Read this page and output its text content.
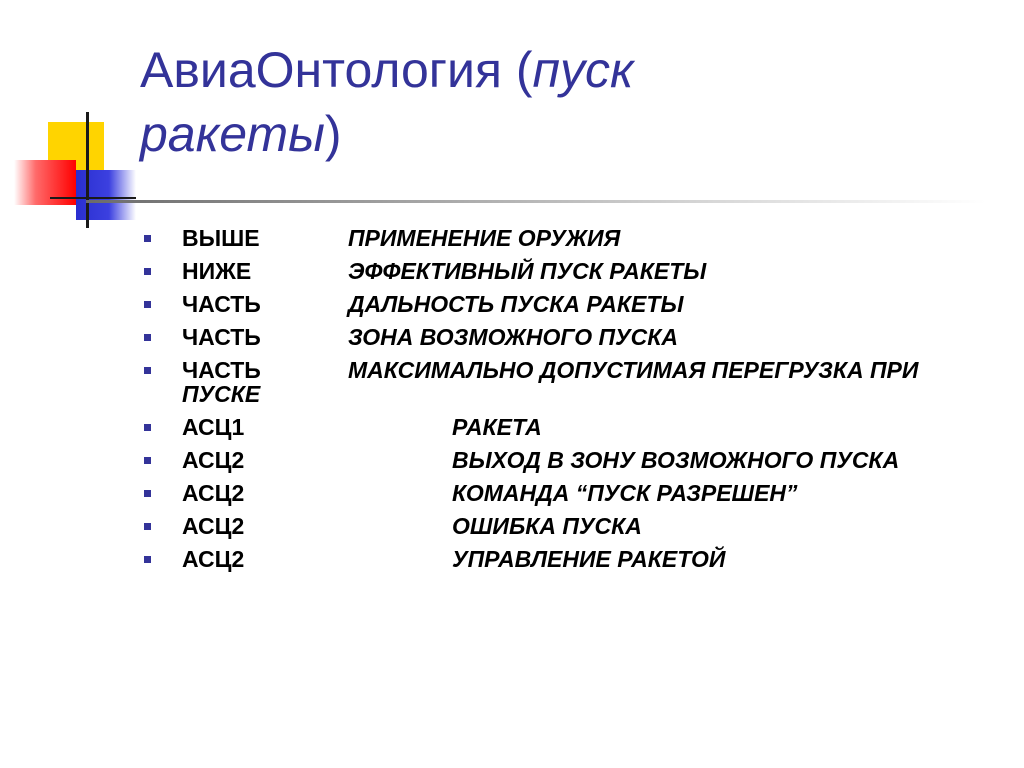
АвиаОнтология (пуск
ракеты)
ВЫШЕ	ПРИМЕНЕНИЕ ОРУЖИЯ
НИЖЕ	ЭФФЕКТИВНЫЙ ПУСК РАКЕТЫ
ЧАСТЬ	ДАЛЬНОСТЬ ПУСКА РАКЕТЫ
ЧАСТЬ	ЗОНА ВОЗМОЖНОГО ПУСКА
ЧАСТЬ	МАКСИМАЛЬНО ДОПУСТИМАЯ ПЕРЕГРУЗКА ПРИ ПУСКЕ
АСЦ1	РАКЕТА
АСЦ2	ВЫХОД В ЗОНУ ВОЗМОЖНОГО ПУСКА
АСЦ2	КОМАНДА “ПУСК РАЗРЕШЕН”
АСЦ2	ОШИБКА ПУСКА
АСЦ2	УПРАВЛЕНИЕ РАКЕТОЙ
